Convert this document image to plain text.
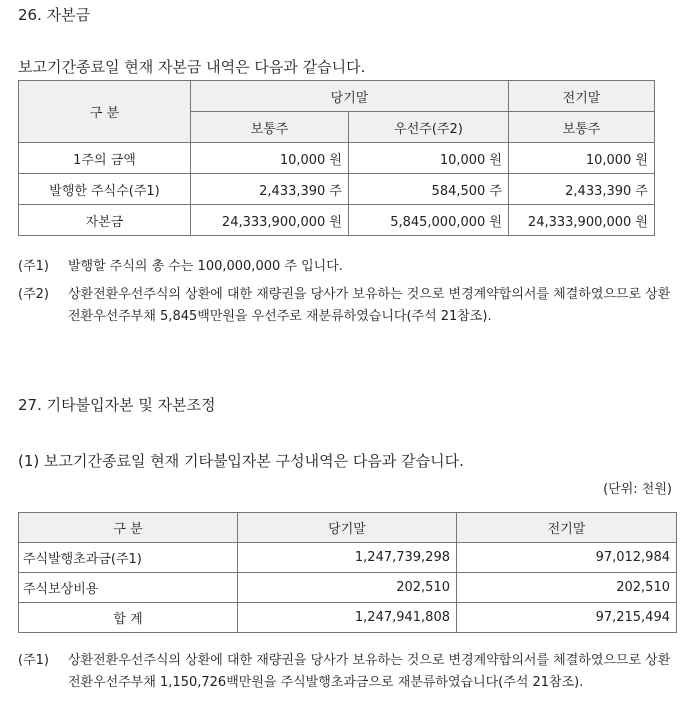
26. 자본금
보고기간종료일 현재 자본금 내역은 다음과 같습니다.
구 분	당기말		전기말
	보통주	우선주(주2)	보통주
1주의 금액	10,000 원	10,000 원	10,000 원
발행한 주식수(주1)	2,433,390 주	584,500 주	2,433,390 주
자본금	24,333,900,000 원	5,845,000,000 원	24,333,900,000 원
(주1)	발행할 주식의 총 수는 100,000,000 주 입니다.
(주2)	상환전환우선주식의 상환에 대한 재량권을 당사가 보유하는 것으로 변경계약합의서를 체결하였으므로 상환전환우선주부채 5,845백만원을 우선주로 재분류하였습니다(주석 21참조).
27. 기타불입자본 및 자본조정
(1) 보고기간종료일 현재 기타불입자본 구성내역은 다음과 같습니다.
(단위: 천원)
구 분	당기말	전기말
주식발행초과금(주1)	1,247,739,298	97,012,984
주식보상비용	202,510	202,510
합 계	1,247,941,808	97,215,494
(주1)	상환전환우선주식의 상환에 대한 재량권을 당사가 보유하는 것으로 변경계약합의서를 체결하였으므로 상환전환우선주부채 1,150,726백만원을 주식발행초과금으로 재분류하였습니다(주석 21참조).
